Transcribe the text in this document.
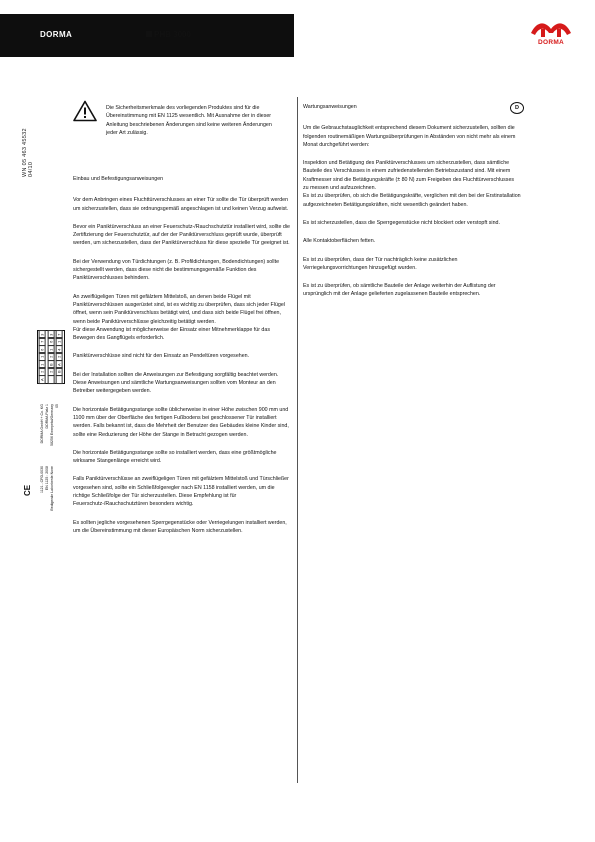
DORMA	PHB 3000
DORMA
WN 05 463 45532 04/10
CE
DORMA GmbH + Co. KG DORMA Platz 1 58256 Ennepetal/Germany 05
1121 - CPD-0030 EN 1125 : 2008 Bedigende Laborbeste None
3 3 7
7 6 1
6 1 4
1 2 2
1 B A
2 2 B
A
Die Sicherheitsmerkmale des vorliegenden Produktes sind für die Übereinstimmung mit EN 1125 wesentlich. Mit Ausnahme der in dieser Anleitung beschriebenen Änderungen sind keine weiteren Änderungen jeder Art zulässig.

Einbau und Befestigungsanweisungen

Vor dem Anbringen eines Fluchttürverschlusses an einer Tür sollte die Tür überprüft werden um sicherzustellen, dass sie ordnungsgemäß angeschlagen ist und keinen Verzug aufweist.

Bevor ein Paniktürverschluss an einer Feuerschutz-/Rauchschutztür installiert wird, sollte die Zertifizierung der Feuerschutztür, auf der der Paniktürverschluss geprüft wurde, überprüft werden, um sicherzustellen, dass der Paniktürverschluss für diese spezielle Tür geeignet ist.

Bei der Verwendung von Türdichtungen (z. B. Profildichtungen, Bodendichtungen) sollte sichergestellt werden, dass diese nicht die bestimmungsgemäße Funktion des Paniktürverschlusses behindern.

An zweiflügeligen Türen mit gefälztem Mittelstoß, an denen beide Flügel mit Paniktürverschlüssen ausgerüstet sind, ist es wichtig zu überprüfen, dass sich jeder Flügel öffnet, wenn sein Paniktürverschluss betätigt wird, und dass sich beide Flügel frei öffnen, wenn beide Paniktürverschlüsse gleichzeitig betätigt werden.
Für diese Anwendung ist möglicherweise der Einsatz einer Mitnehmerklappe für das Bewegen des Gangflügels erforderlich.

Paniktürverschlüsse sind nicht für den Einsatz an Pendeltüren vorgesehen.

Bei der Installation sollten die Anweisungen zur Befestigung sorgfältig beachtet werden. Diese Anweisungen und sämtliche Wartungsanweisungen sollten vom Monteur an den Betreiber weitergegeben werden.

Die horizontale Betätigungsstange sollte üblicherweise in einer Höhe zwischen 900 mm und 1100 mm über der Oberfläche des fertigen Fußbodens bei geschlossener Tür installiert werden. Falls bekannt ist, dass die Mehrheit der Benutzer des Gebäudes kleine Kinder sind, sollte eine Reduzierung der Höhe der Stange in Betracht gezogen werden.

Die horizontale Betätigungsstange sollte so installiert werden, dass eine größtmögliche wirksame Stangenlänge erreicht wird.

Falls Paniktürverschlüsse an zweiflügeligen Türen mit gefälztem Mittelstoß und Türschließer vorgesehen sind, sollte ein Schließfolgeregler nach EN 1158 installiert werden, um die richtige Schließfolge der Tür sicherzustellen. Diese Empfehlung ist für Feuerschutz-/Rauchschutztüren besonders wichtig.

Es sollten jegliche vorgesehenen Sperrgegenstücke oder Verriegelungen installiert werden, um die Übereinstimmung mit dieser Europäischen Norm sicherzustellen.

D

Wartungsanweisungen

Um die Gebrauchstauglichkeit entsprechend diesem Dokument sicherzustellen, sollten die folgenden routinemäßigen Wartungsüberprüfungen in Abständen von nicht mehr als einem Monat durchgeführt werden:

Inspektion und Betätigung des Paniktürverschlusses um sicherzustellen, dass sämtliche Bauteile des Verschlusses in einem zufriedenstellenden Betriebszustand sind. Mit einem Kraftmesser sind die Betätigungskräfte (± 80 N) zum Freigeben des Fluchttürverschlusses zu messen und aufzuzeichnen.
Es ist zu überprüfen, ob sich die Betätigungskräfte, verglichen mit den bei der Erstinstallation aufgezeichneten Betätigungskräften, nicht wesentlich geändert haben.

Es ist sicherzustellen, dass die Sperrgegenstücke nicht blockiert oder verstopft sind.

Alle Kontaktoberflächen fetten.

Es ist zu überprüfen, dass der Tür nachträglich keine zusätzlichen Verriegelungsvorrichtungen hinzugefügt wurden.

Es ist zu überprüfen, ob sämtliche Bauteile der Anlage weiterhin der Auflistung der ursprünglich mit der Anlage gelieferten zugelassenen Bauteile entsprechen.
